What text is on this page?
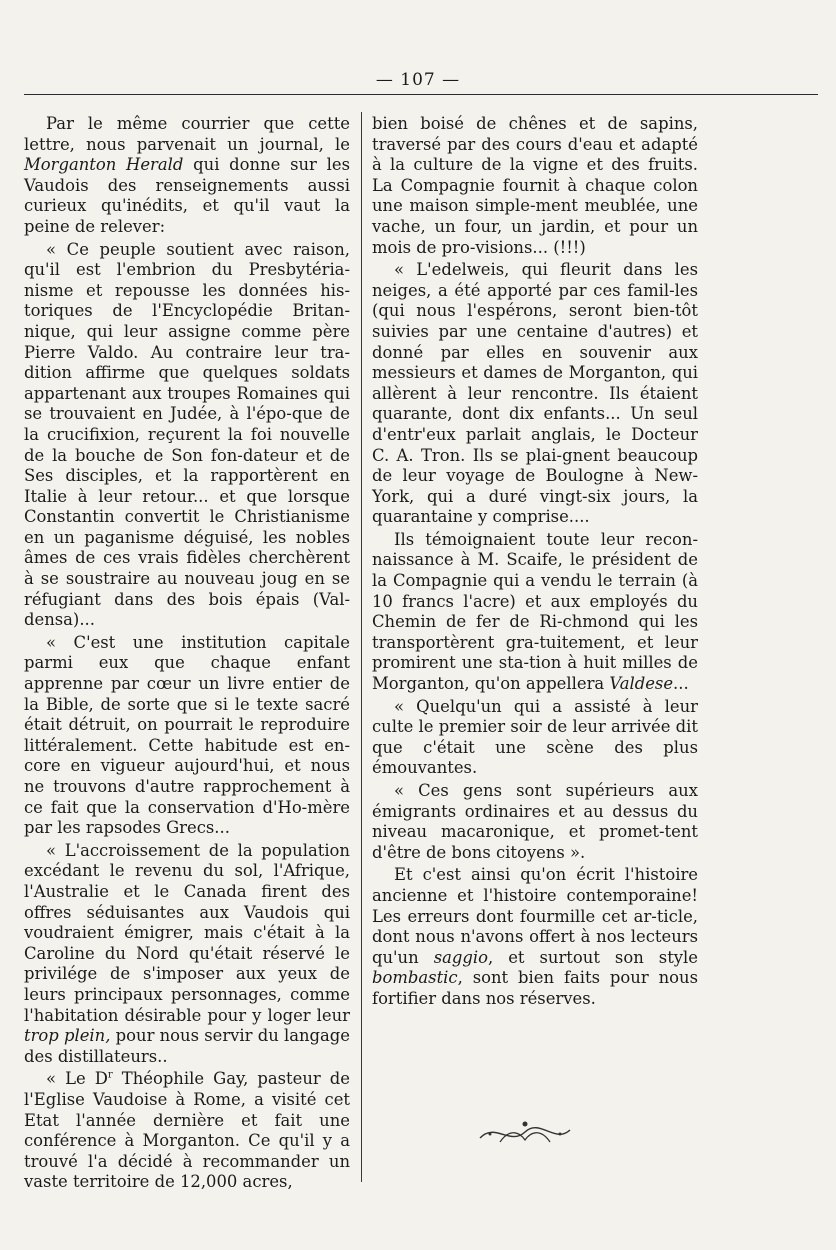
— 107 —

Par le même courrier que cette lettre, nous parvenait un journal, le Morganton Herald qui donne sur les Vaudois des renseignements aussi curieux qu'inédits, et qu'il vaut la peine de relever:

« Ce peuple soutient avec raison, qu'il est l'embrion du Presbytéria-nisme et repousse les données his-toriques de l'Encyclopédie Britan-nique, qui leur assigne comme père Pierre Valdo. Au contraire leur tra-dition affirme que quelques soldats appartenant aux troupes Romaines qui se trouvaient en Judée, à l'épo-que de la crucifixion, reçurent la foi nouvelle de la bouche de Son fon-dateur et de Ses disciples, et la rapportèrent en Italie à leur retour... et que lorsque Constantin convertit le Christianisme en un paganisme déguisé, les nobles âmes de ces vrais fidèles cherchèrent à se soustraire au nouveau joug en se réfugiant dans des bois épais (Val-densa)...

« C'est une institution capitale parmi eux que chaque enfant apprenne par cœur un livre entier de la Bible, de sorte que si le texte sacré était détruit, on pourrait le reproduire littéralement. Cette habitude est en-core en vigueur aujourd'hui, et nous ne trouvons d'autre rapprochement à ce fait que la conservation d'Ho-mère par les rapsodes Grecs...

« L'accroissement de la population excédant le revenu du sol, l'Afrique, l'Australie et le Canada firent des offres séduisantes aux Vaudois qui voudraient émigrer, mais c'était à la Caroline du Nord qu'était réservé le privilége de s'imposer aux yeux de leurs principaux personnages, comme l'habitation désirable pour y loger leur trop plein, pour nous servir du langage des distillateurs..

« Le $D^r$ Théophile Gay, pasteur de l'Eglise Vaudoise à Rome, a visité cet Etat l'année dernière et fait une conférence à Morganton. Ce qu'il y a trouvé l'a décidé à recommander un vaste territoire de 12,000 acres,

bien boisé de chênes et de sapins, traversé par des cours d'eau et adapté à la culture de la vigne et des fruits. La Compagnie fournit à chaque colon une maison simple-ment meublée, une vache, un four, un jardin, et pour un mois de pro-visions... (!!!)

« L'edelweis, qui fleurit dans les neiges, a été apporté par ces famil-les (qui nous l'espérons, seront bien-tôt suivies par une centaine d'autres) et donné par elles en souvenir aux messieurs et dames de Morganton, qui allèrent à leur rencontre. Ils étaient quarante, dont dix enfants... Un seul d'entr'eux parlait anglais, le Docteur C. A. Tron. Ils se plai-gnent beaucoup de leur voyage de Boulogne à New-York, qui a duré vingt-six jours, la quarantaine y comprise....

Ils témoignaient toute leur recon-naissance à M. Scaife, le président de la Compagnie qui a vendu le terrain (à 10 francs l'acre) et aux employés du Chemin de fer de Ri-chmond qui les transportèrent gra-tuitement, et leur promirent une sta-tion à huit milles de Morganton, qu'on appellera Valdese...

« Quelqu'un qui a assisté à leur culte le premier soir de leur arrivée dit que c'était une scène des plus émouvantes.

« Ces gens sont supérieurs aux émigrants ordinaires et au dessus du niveau macaronique, et promet-tent d'être de bons citoyens ».

Et c'est ainsi qu'on écrit l'histoire ancienne et l'histoire contemporaine! Les erreurs dont fourmille cet ar-ticle, dont nous n'avons offert à nos lecteurs qu'un saggio, et surtout son style bombastic, sont bien faits pour nous fortifier dans nos réserves.
